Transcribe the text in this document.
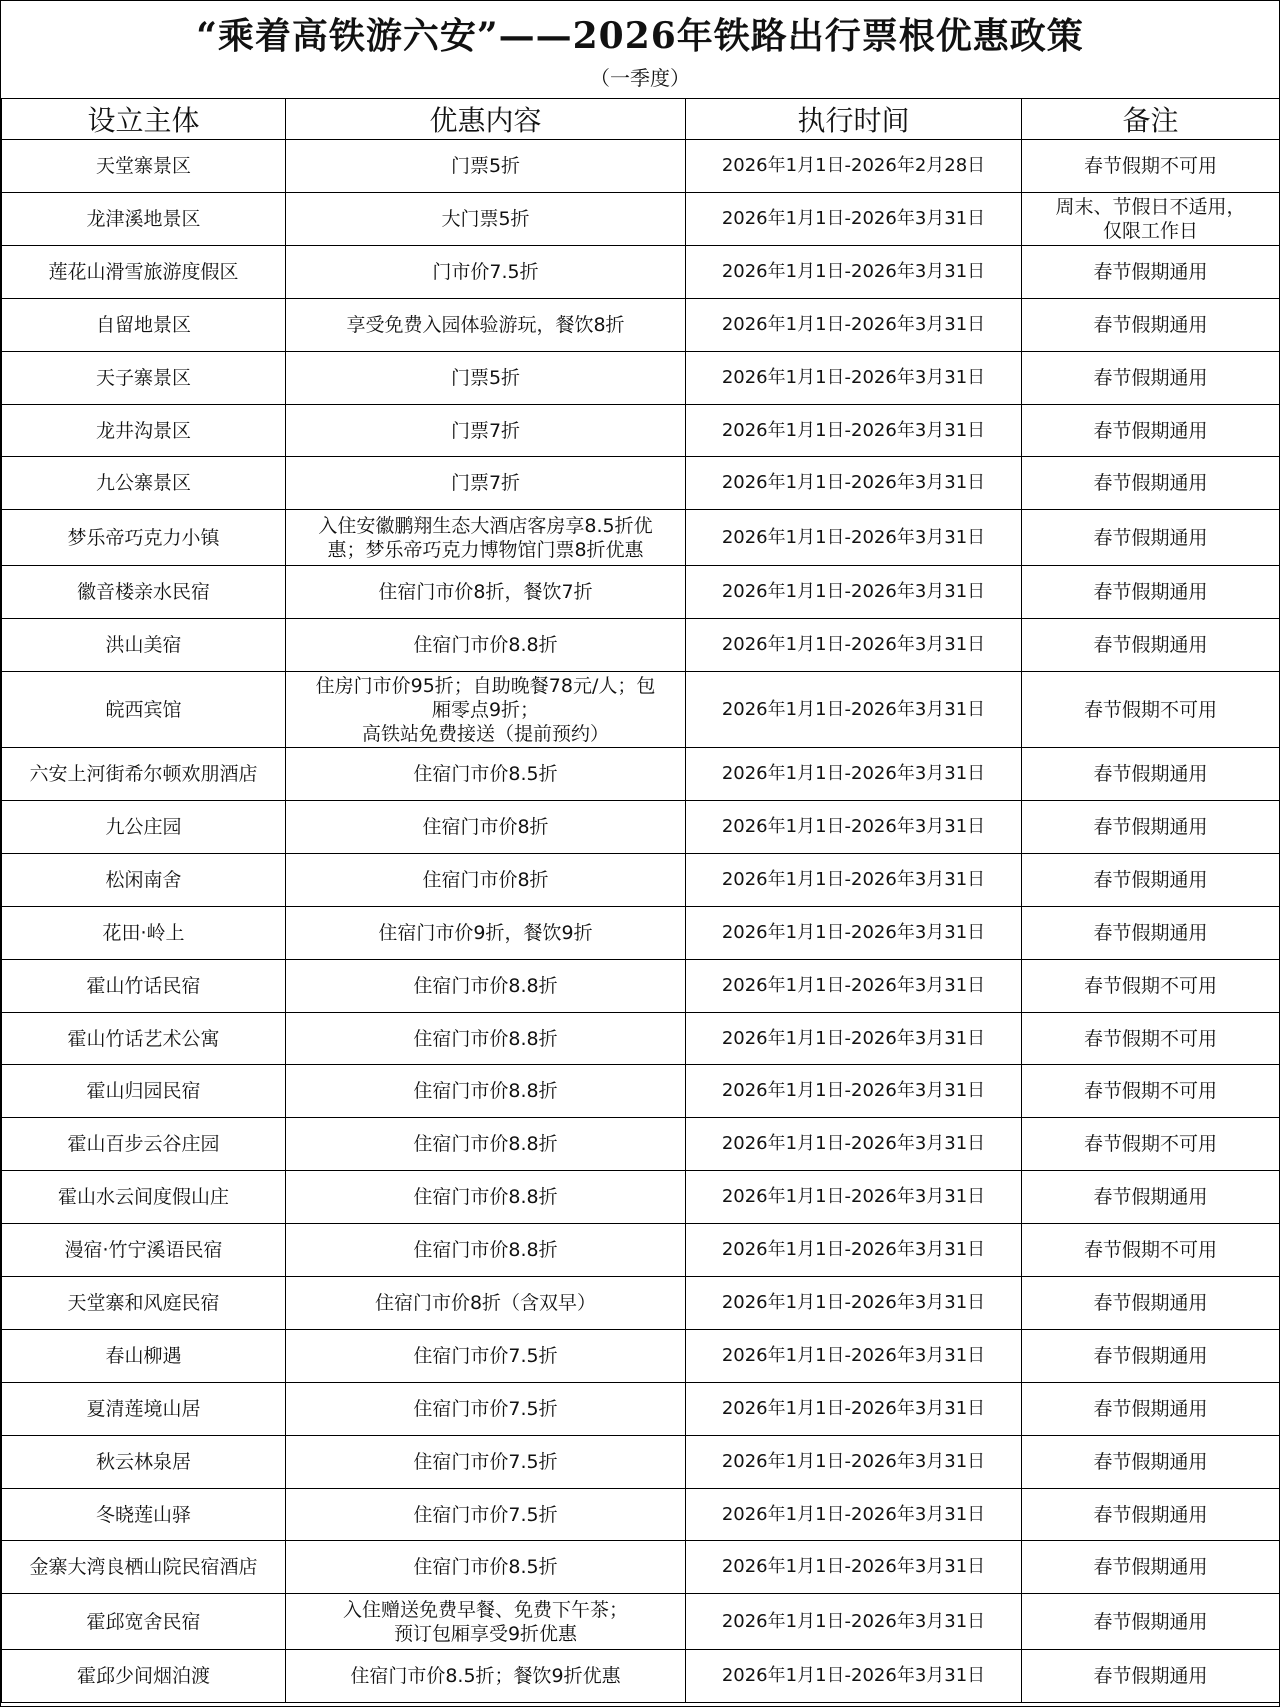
“乘着高铁游六安”——2026年铁路出行票根优惠政策
（一季度）
设立主体	优惠内容	执行时间	备注

天堂寨景区	门票5折	2026年1月1日-2026年2月28日	春节假期不可用

龙津溪地景区	大门票5折	2026年1月1日-2026年3月31日	周末、节假日不适用，
仅限工作日

莲花山滑雪旅游度假区	门市价7.5折	2026年1月1日-2026年3月31日	春节假期通用

自留地景区	享受免费入园体验游玩，餐饮8折	2026年1月1日-2026年3月31日	春节假期通用

天子寨景区	门票5折	2026年1月1日-2026年3月31日	春节假期通用

龙井沟景区	门票7折	2026年1月1日-2026年3月31日	春节假期通用

九公寨景区	门票7折	2026年1月1日-2026年3月31日	春节假期通用

梦乐帝巧克力小镇	入住安徽鹏翔生态大酒店客房享8.5折优
惠；梦乐帝巧克力博物馆门票8折优惠	2026年1月1日-2026年3月31日	春节假期通用

徽音楼亲水民宿	住宿门市价8折，餐饮7折	2026年1月1日-2026年3月31日	春节假期通用

洪山美宿	住宿门市价8.8折	2026年1月1日-2026年3月31日	春节假期通用

皖西宾馆	住房门市价95折；自助晚餐78元/人；包
厢零点9折；
高铁站免费接送（提前预约）	2026年1月1日-2026年3月31日	春节假期不可用

六安上河街希尔顿欢朋酒店	住宿门市价8.5折	2026年1月1日-2026年3月31日	春节假期通用

九公庄园	住宿门市价8折	2026年1月1日-2026年3月31日	春节假期通用

松闲南舍	住宿门市价8折	2026年1月1日-2026年3月31日	春节假期通用

花田·岭上	住宿门市价9折，餐饮9折	2026年1月1日-2026年3月31日	春节假期通用

霍山竹话民宿	住宿门市价8.8折	2026年1月1日-2026年3月31日	春节假期不可用

霍山竹话艺术公寓	住宿门市价8.8折	2026年1月1日-2026年3月31日	春节假期不可用

霍山归园民宿	住宿门市价8.8折	2026年1月1日-2026年3月31日	春节假期不可用

霍山百步云谷庄园	住宿门市价8.8折	2026年1月1日-2026年3月31日	春节假期不可用

霍山水云间度假山庄	住宿门市价8.8折	2026年1月1日-2026年3月31日	春节假期通用

漫宿·竹宁溪语民宿	住宿门市价8.8折	2026年1月1日-2026年3月31日	春节假期不可用

天堂寨和风庭民宿	住宿门市价8折（含双早）	2026年1月1日-2026年3月31日	春节假期通用

春山柳遇	住宿门市价7.5折	2026年1月1日-2026年3月31日	春节假期通用

夏清莲境山居	住宿门市价7.5折	2026年1月1日-2026年3月31日	春节假期通用

秋云林泉居	住宿门市价7.5折	2026年1月1日-2026年3月31日	春节假期通用

冬晓莲山驿	住宿门市价7.5折	2026年1月1日-2026年3月31日	春节假期通用

金寨大湾良栖山院民宿酒店	住宿门市价8.5折	2026年1月1日-2026年3月31日	春节假期通用

霍邱宽舍民宿	入住赠送免费早餐、免费下午茶；
预订包厢享受9折优惠	2026年1月1日-2026年3月31日	春节假期通用

霍邱少间烟泊渡	住宿门市价8.5折；餐饮9折优惠	2026年1月1日-2026年3月31日	春节假期通用
